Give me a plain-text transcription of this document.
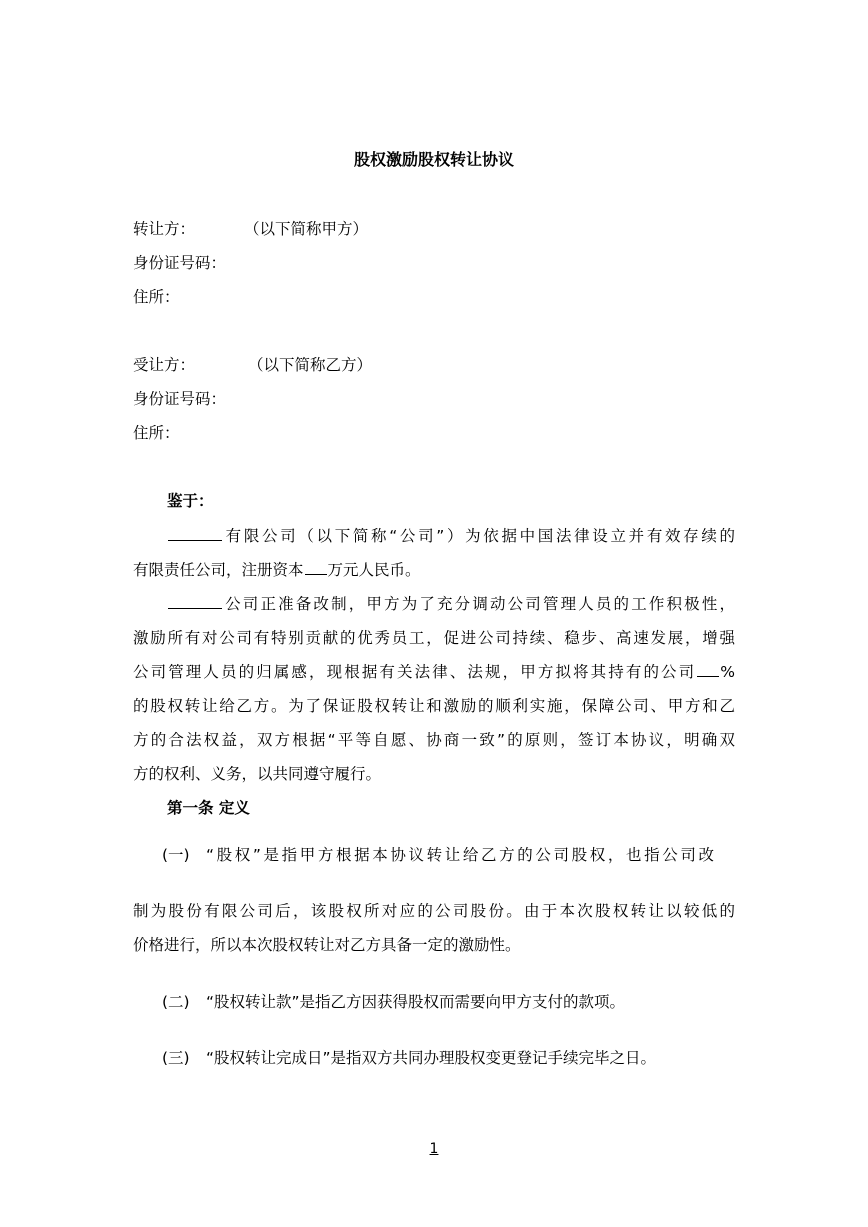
股权激励股权转让协议
转让方：	（以下简称甲方）
身份证号码：
住所：
受让方：	（以下简称乙方）
身份证号码：
住所：
鉴于：
有限公司（以下简称“公司”）为依据中国法律设立并有效存续的
有限责任公司，注册资本 万元人民币。
公司正准备改制，甲方为了充分调动公司管理人员的工作积极性，
激励所有对公司有特别贡献的优秀员工，促进公司持续、稳步、高速发展，增强
公司管理人员的归属感，现根据有关法律、法规，甲方拟将其持有的公司 %
的股权转让给乙方。为了保证股权转让和激励的顺利实施，保障公司、甲方和乙
方的合法权益，双方根据“平等自愿、协商一致”的原则，签订本协议，明确双
方的权利、义务，以共同遵守履行。
第一条 定义
(一) “股权”是指甲方根据本协议转让给乙方的公司股权，也指公司改
制为股份有限公司后，该股权所对应的公司股份。由于本次股权转让以较低的
价格进行，所以本次股权转让对乙方具备一定的激励性。
(二) “股权转让款”是指乙方因获得股权而需要向甲方支付的款项。
(三) “股权转让完成日”是指双方共同办理股权变更登记手续完毕之日。
1
